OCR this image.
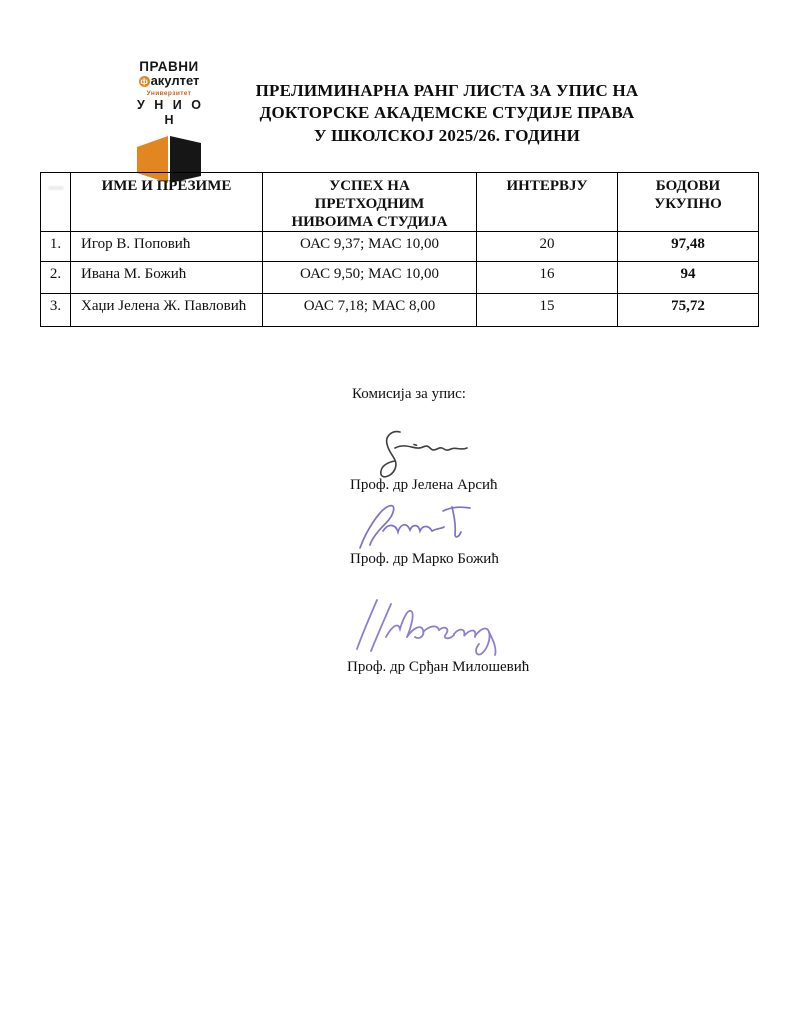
ПРАВНИ
ф акултет
Универзитет
У Н И О Н
ПРЕЛИМИНАРНА РАНГ ЛИСТА ЗА УПИС НА
ДОКТОРСКЕ АКАДЕМСКЕ СТУДИЈЕ ПРАВА
У ШКОЛСКОЈ 2025/26. ГОДИНИ
	ИМЕ И ПРЕЗИМЕ	УСПЕХ НА ПРЕТХОДНИМ НИВОИМА СТУДИЈА	ИНТЕРВЈУ	БОДОВИ УКУПНО
1.	Игор В. Поповић	ОАС 9,37; МАС 10,00	20	97,48
2.	Ивана М. Божић	ОАС 9,50; МАС 10,00	16	94
3.	Хаџи Јелена Ж. Павловић	ОАС 7,18; МАС 8,00	15	75,72
Комисија за упис:
Проф. др Јелена Арсић
Проф. др Марко Божић
Проф. др Срђан Милошевић
